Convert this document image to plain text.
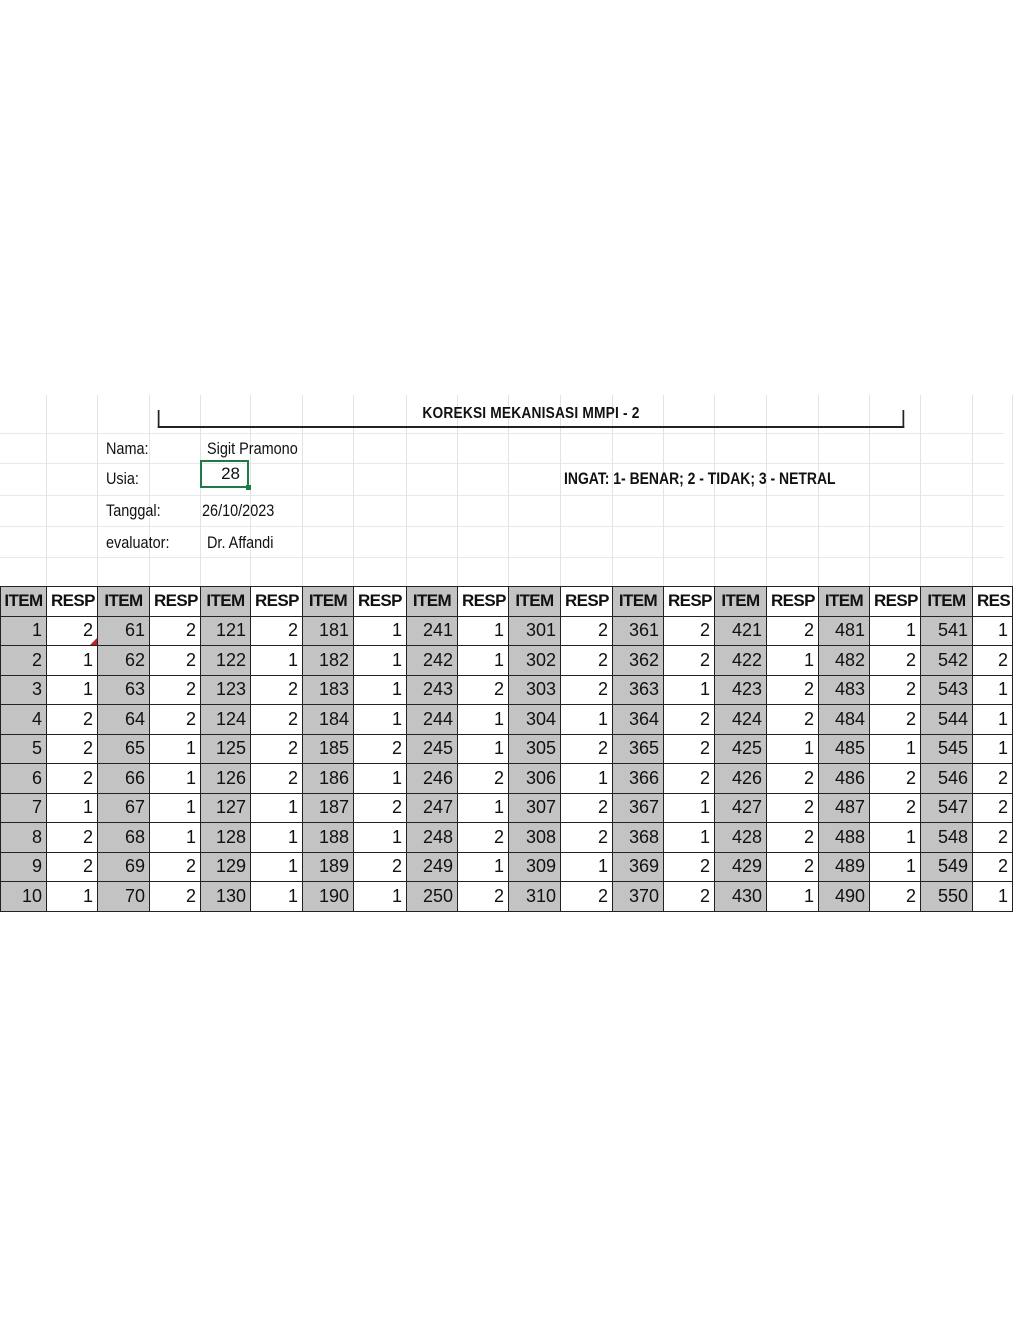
KOREKSI MEKANISASI MMPI - 2
Nama:	Sigit Pramono
Usia:	28
Tanggal: 26/10/2023
evaluator: Dr. Affandi
INGAT: 1- BENAR; 2 - TIDAK; 3 - NETRAL
ITEM	RESP	ITEM	RESP	ITEM	RESP	ITEM	RESP	ITEM	RESP	ITEM	RESP	ITEM	RESP	ITEM	RESP	ITEM	RESP	ITEM	RES
1	2	61	2	121	2	181	1	241	1	301	2	361	2	421	2	481	1	541	1
2	1	62	2	122	1	182	1	242	1	302	2	362	2	422	1	482	2	542	2
3	1	63	2	123	2	183	1	243	2	303	2	363	1	423	2	483	2	543	1
4	2	64	2	124	2	184	1	244	1	304	1	364	2	424	2	484	2	544	1
5	2	65	1	125	2	185	2	245	1	305	2	365	2	425	1	485	1	545	1
6	2	66	1	126	2	186	1	246	2	306	1	366	2	426	2	486	2	546	2
7	1	67	1	127	1	187	2	247	1	307	2	367	1	427	2	487	2	547	2
8	2	68	1	128	1	188	1	248	2	308	2	368	1	428	2	488	1	548	2
9	2	69	2	129	1	189	2	249	1	309	1	369	2	429	2	489	1	549	2
10	1	70	2	130	1	190	1	250	2	310	2	370	2	430	1	490	2	550	1
